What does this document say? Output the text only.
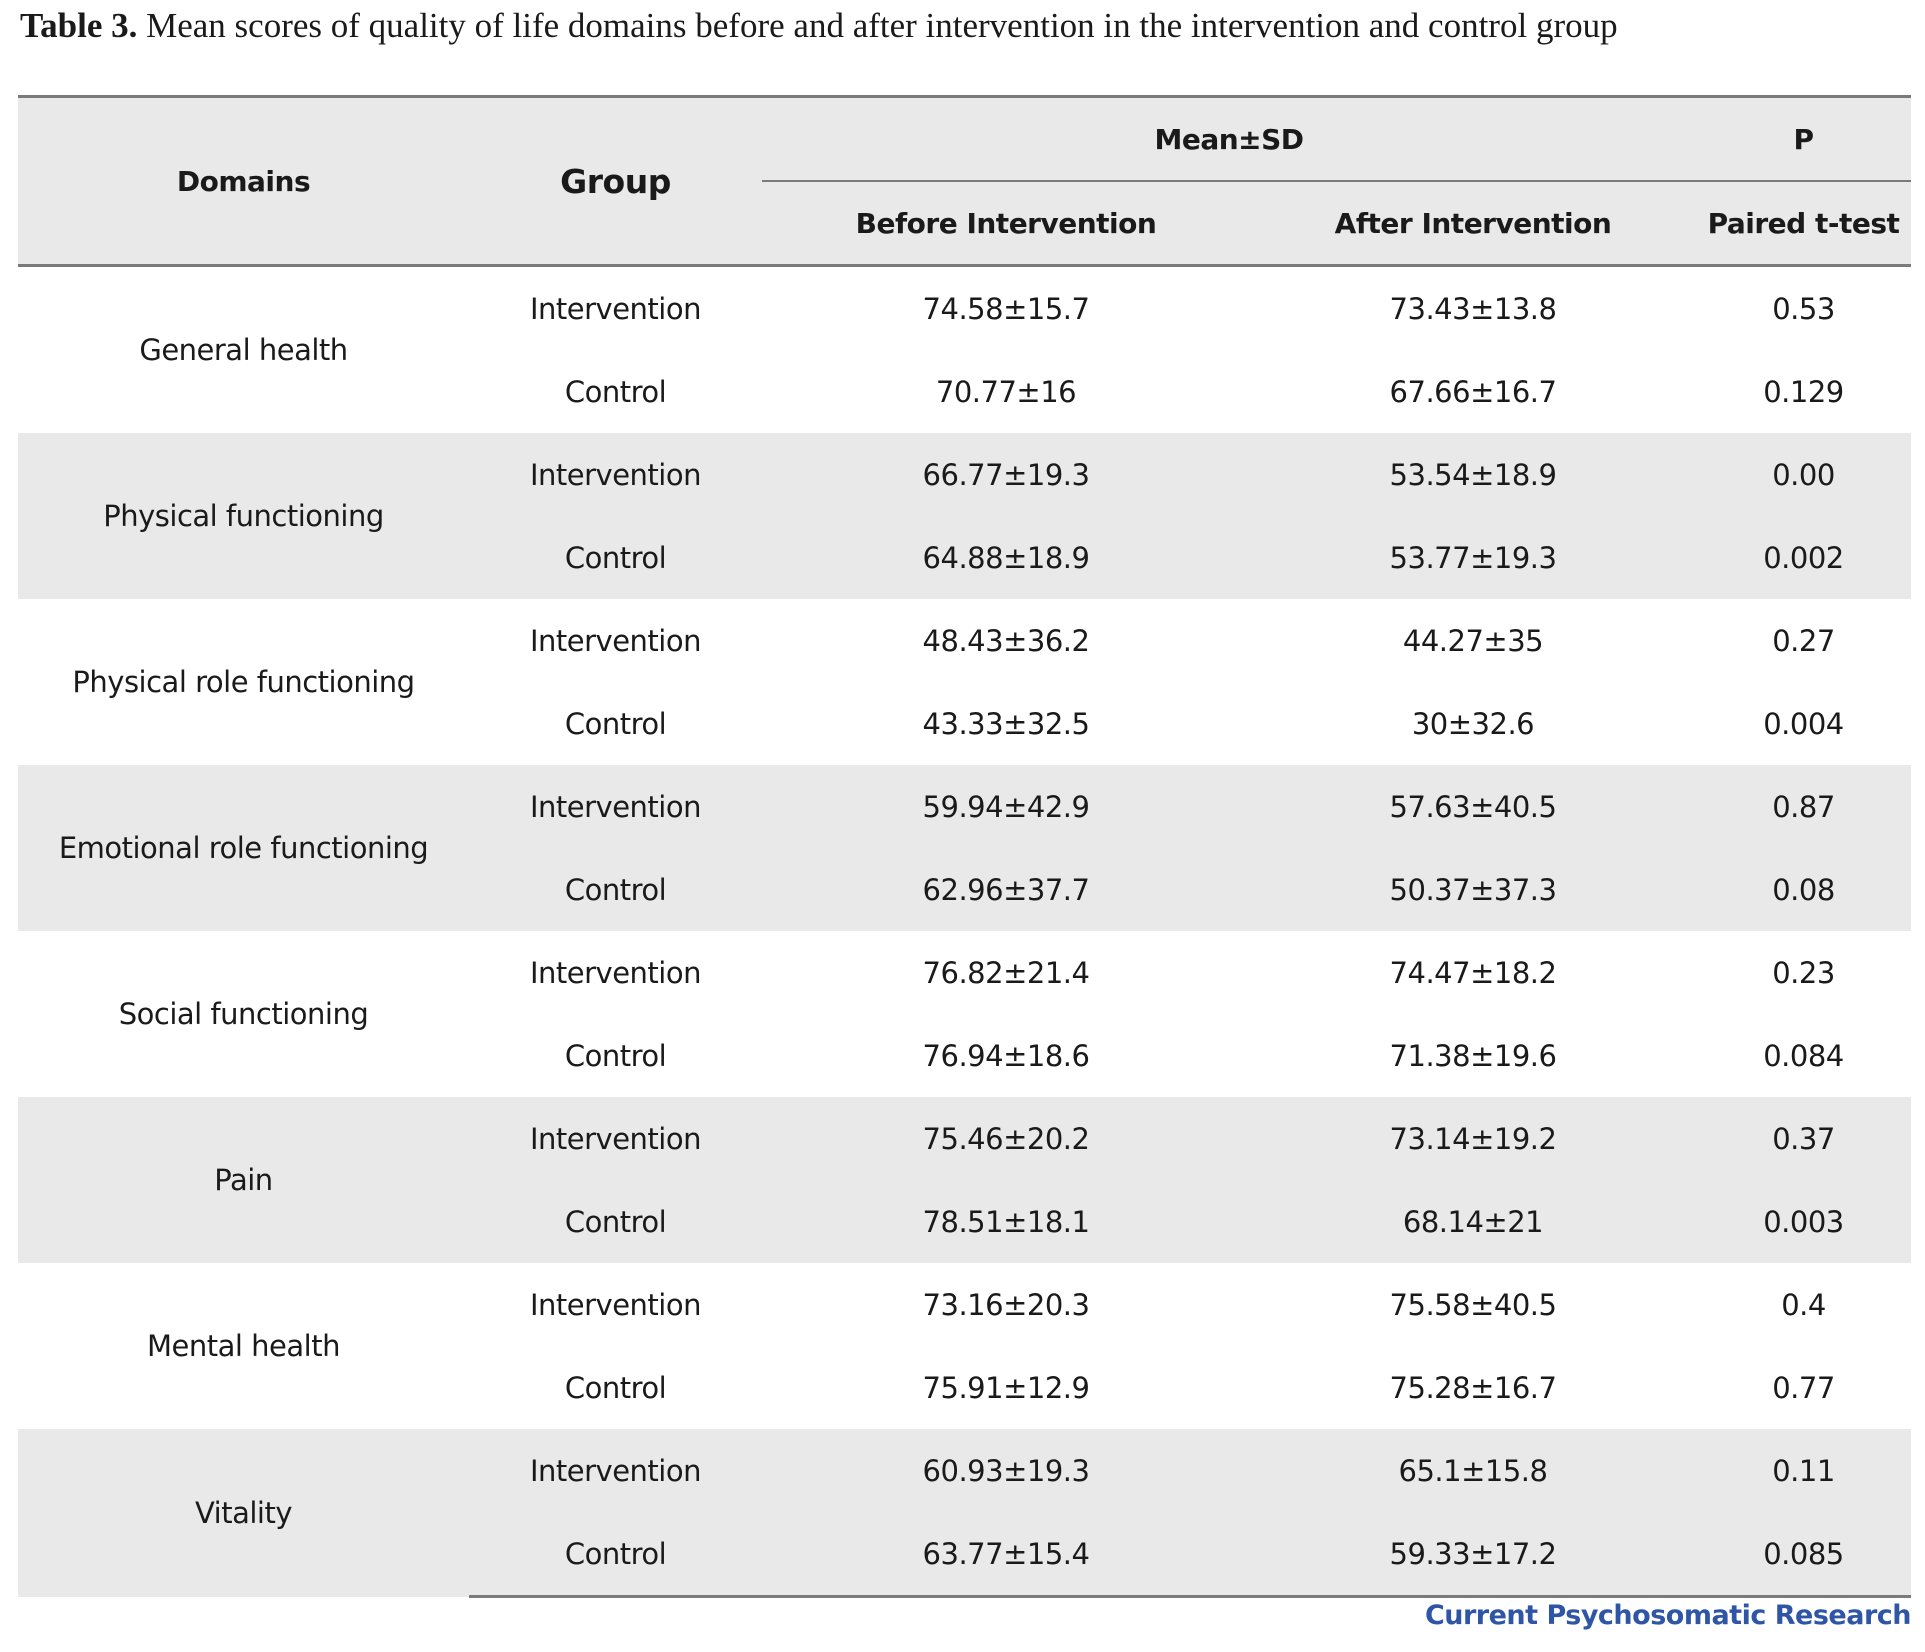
Table 3. Mean scores of quality of life domains before and after intervention in the intervention and control group
Domains	Group	Mean±SD		P
		Before Intervention	After Intervention	Paired t-test
General health	Intervention	74.58±15.7	73.43±13.8	0.53
	Control	70.77±16	67.66±16.7	0.129
Physical functioning	Intervention	66.77±19.3	53.54±18.9	0.00
	Control	64.88±18.9	53.77±19.3	0.002
Physical role functioning	Intervention	48.43±36.2	44.27±35	0.27
	Control	43.33±32.5	30±32.6	0.004
Emotional role functioning	Intervention	59.94±42.9	57.63±40.5	0.87
	Control	62.96±37.7	50.37±37.3	0.08
Social functioning	Intervention	76.82±21.4	74.47±18.2	0.23
	Control	76.94±18.6	71.38±19.6	0.084
Pain	Intervention	75.46±20.2	73.14±19.2	0.37
	Control	78.51±18.1	68.14±21	0.003
Mental health	Intervention	73.16±20.3	75.58±40.5	0.4
	Control	75.91±12.9	75.28±16.7	0.77
Vitality	Intervention	60.93±19.3	65.1±15.8	0.11
	Control	63.77±15.4	59.33±17.2	0.085
Current Psychosomatic Research
